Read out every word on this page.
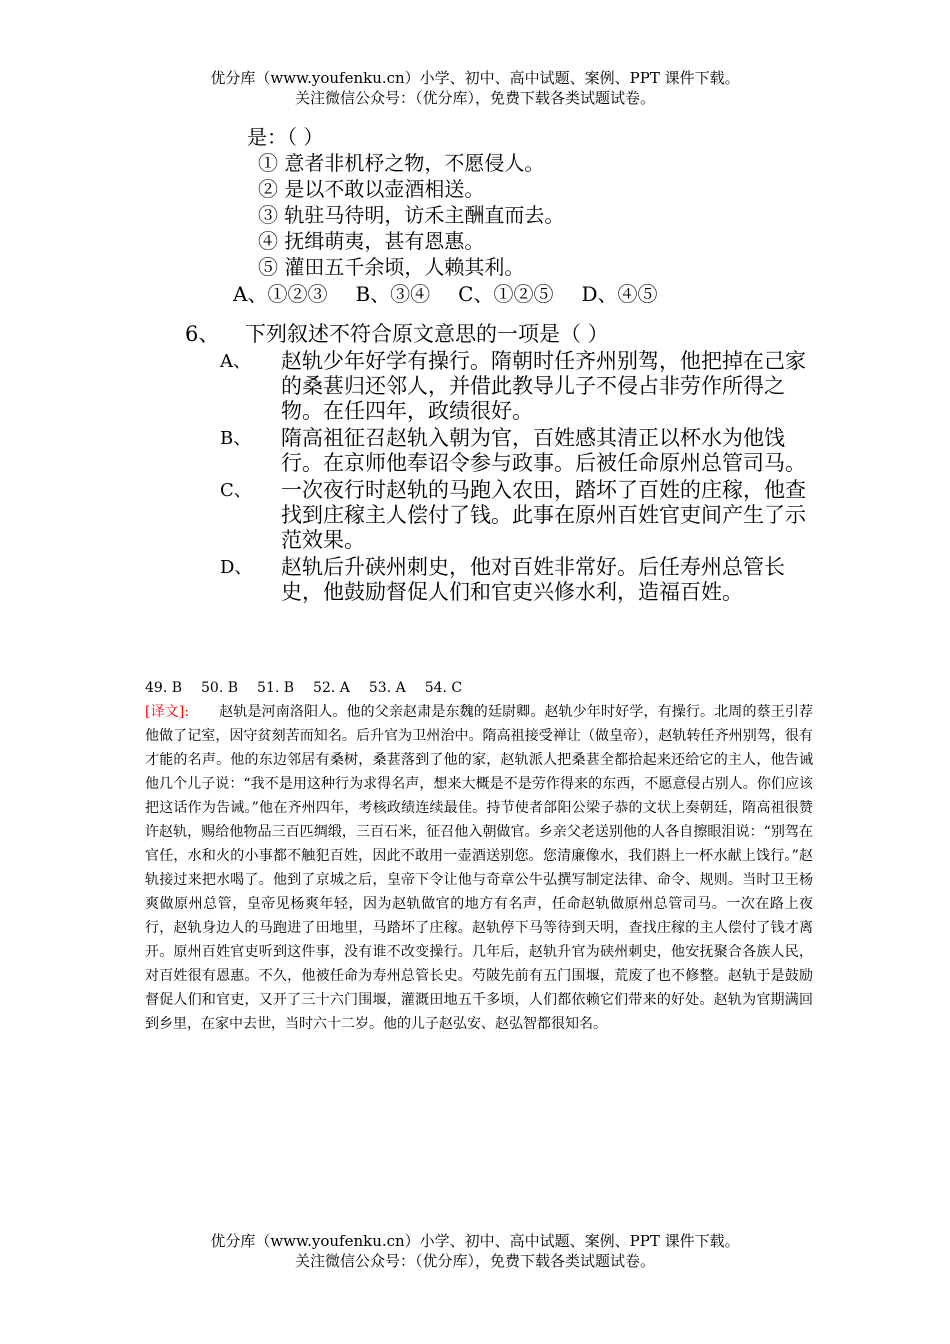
优分库（www.youfenku.cn）小学、初中、高中试题、案例、PPT 课件下载。
关注微信公众号：（优分库），免费下载各类试题试卷。
是：（ ）
① 意者非机杼之物，不愿侵人。
② 是以不敢以壶酒相送。
③ 轨驻马待明，访禾主酬直而去。
④ 抚缉萌夷，甚有恩惠。
⑤ 灌田五千余顷，人赖其利。
A、①②③ B、③④ C、①②⑤ D、④⑤
6、 下列叙述不符合原文意思的一项是（ ）
A、	赵轨少年好学有操行。隋朝时任齐州别驾，他把掉在己家的桑葚归还邻人，并借此教导儿子不侵占非劳作所得之物。在任四年，政绩很好。
B、	隋高祖征召赵轨入朝为官，百姓感其清正以杯水为他饯行。在京师他奉诏令参与政事。后被任命原州总管司马。
C、	一次夜行时赵轨的马跑入农田，踏坏了百姓的庄稼，他查找到庄稼主人偿付了钱。此事在原州百姓官吏间产生了示范效果。
D、	赵轨后升硖州刺史，他对百姓非常好。后任寿州总管长史，他鼓励督促人们和官吏兴修水利，造福百姓。
49. B 50. B 51. B 52. A 53. A 54. C
[译文]: 赵轨是河南洛阳人。他的父亲赵肃是东魏的廷尉卿。赵轨少年时好学，有操行。北周的蔡王引荐他做了记室，因守贫刻苦而知名。后升官为卫州治中。隋高祖接受禅让（做皇帝），赵轨转任齐州别驾，很有才能的名声。他的东边邻居有桑树，桑葚落到了他的家，赵轨派人把桑葚全都拾起来还给它的主人，他告诫他几个儿子说：“我不是用这种行为求得名声，想来大概是不是劳作得来的东西，不愿意侵占别人。你们应该把这话作为告诫。”他在齐州四年，考核政绩连续最佳。持节使者郃阳公梁子恭的文状上奏朝廷，隋高祖很赞许赵轨，赐给他物品三百匹绸缎，三百石米，征召他入朝做官。乡亲父老送别他的人各自擦眼泪说：“别驾在官任，水和火的小事都不触犯百姓，因此不敢用一壶酒送别您。您清廉像水，我们斟上一杯水献上饯行。”赵轨接过来把水喝了。他到了京城之后，皇帝下令让他与奇章公牛弘撰写制定法律、命令、规则。当时卫王杨爽做原州总管，皇帝见杨爽年轻，因为赵轨做官的地方有名声，任命赵轨做原州总管司马。一次在路上夜行，赵轨身边人的马跑进了田地里，马踏坏了庄稼。赵轨停下马等待到天明，查找庄稼的主人偿付了钱才离开。原州百姓官吏听到这件事，没有谁不改变操行。几年后，赵轨升官为硖州刺史，他安抚聚合各族人民，对百姓很有恩惠。不久，他被任命为寿州总管长史。芍陂先前有五门围堰，荒废了也不修整。赵轨于是鼓励督促人们和官吏，又开了三十六门围堰，灌溉田地五千多顷，人们都依赖它们带来的好处。赵轨为官期满回到乡里，在家中去世，当时六十二岁。他的儿子赵弘安、赵弘智都很知名。
优分库（www.youfenku.cn）小学、初中、高中试题、案例、PPT 课件下载。
关注微信公众号：（优分库），免费下载各类试题试卷。
